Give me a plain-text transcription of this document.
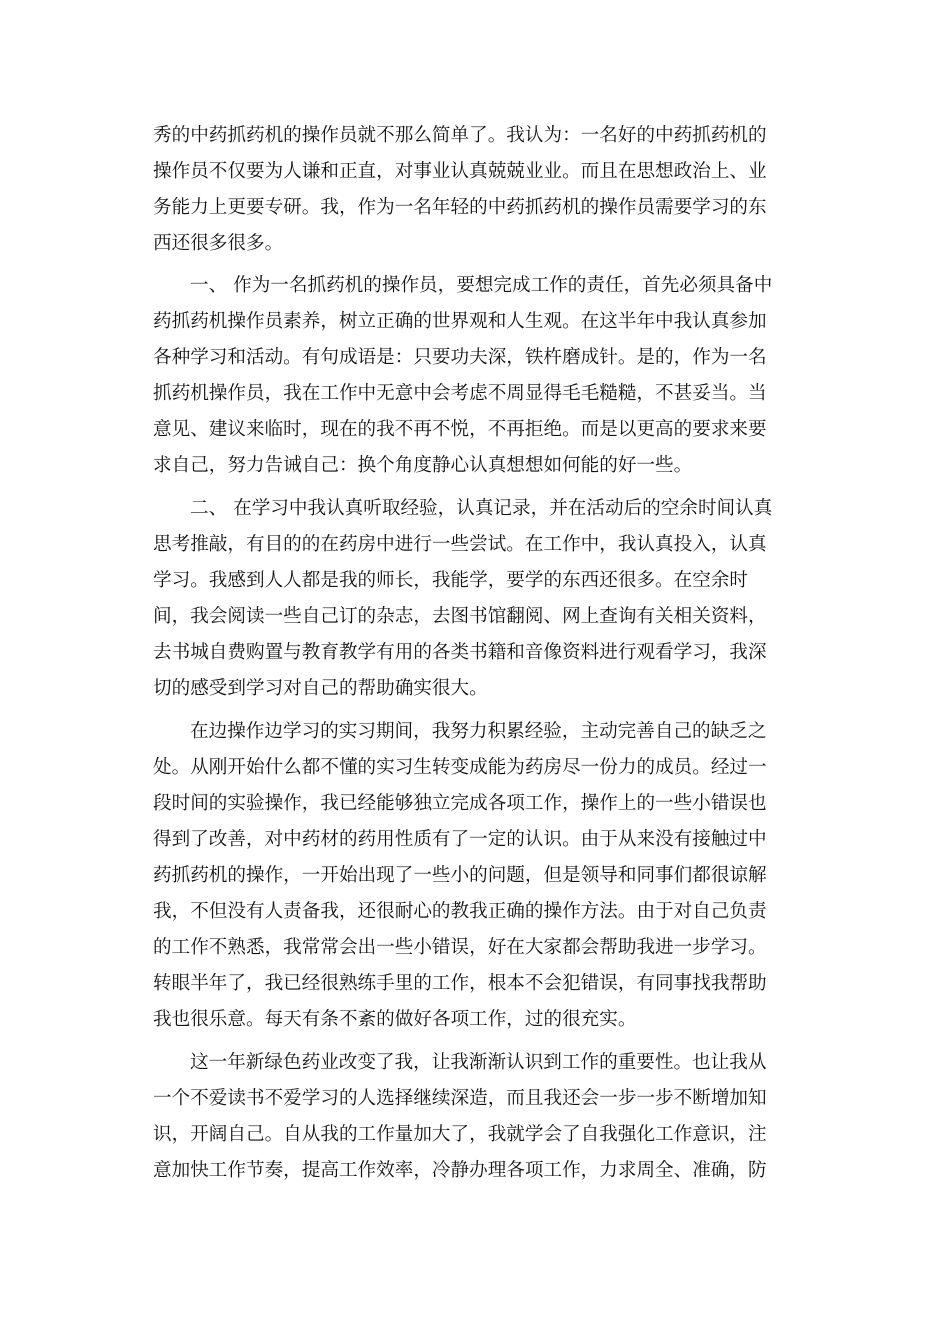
秀的中药抓药机的操作员就不那么简单了。我认为：一名好的中药抓药机的
操作员不仅要为人谦和正直，对事业认真兢兢业业。而且在思想政治上、业
务能力上更要专研。我，作为一名年轻的中药抓药机的操作员需要学习的东
西还很多很多。
一、 作为一名抓药机的操作员，要想完成工作的责任，首先必须具备中
药抓药机操作员素养，树立正确的世界观和人生观。在这半年中我认真参加
各种学习和活动。有句成语是：只要功夫深，铁杵磨成针。是的，作为一名
抓药机操作员，我在工作中无意中会考虑不周显得毛毛糙糙，不甚妥当。当
意见、建议来临时，现在的我不再不悦，不再拒绝。而是以更高的要求来要
求自己，努力告诫自己：换个角度静心认真想想如何能的好一些。
二、 在学习中我认真听取经验，认真记录，并在活动后的空余时间认真
思考推敲，有目的的在药房中进行一些尝试。在工作中，我认真投入，认真
学习。我感到人人都是我的师长，我能学，要学的东西还很多。在空余时
间，我会阅读一些自己订的杂志，去图书馆翻阅、网上查询有关相关资料，
去书城自费购置与教育教学有用的各类书籍和音像资料进行观看学习，我深
切的感受到学习对自己的帮助确实很大。
在边操作边学习的实习期间，我努力积累经验，主动完善自己的缺乏之
处。从刚开始什么都不懂的实习生转变成能为药房尽一份力的成员。经过一
段时间的实验操作，我已经能够独立完成各项工作，操作上的一些小错误也
得到了改善，对中药材的药用性质有了一定的认识。由于从来没有接触过中
药抓药机的操作，一开始出现了一些小的问题，但是领导和同事们都很谅解
我，不但没有人责备我，还很耐心的教我正确的操作方法。由于对自己负责
的工作不熟悉，我常常会出一些小错误，好在大家都会帮助我进一步学习。
转眼半年了，我已经很熟练手里的工作，根本不会犯错误，有同事找我帮助
我也很乐意。每天有条不紊的做好各项工作，过的很充实。
这一年新绿色药业改变了我，让我渐渐认识到工作的重要性。也让我从
一个不爱读书不爱学习的人选择继续深造，而且我还会一步一步不断增加知
识，开阔自己。自从我的工作量加大了，我就学会了自我强化工作意识，注
意加快工作节奏，提高工作效率，冷静办理各项工作，力求周全、准确，防
